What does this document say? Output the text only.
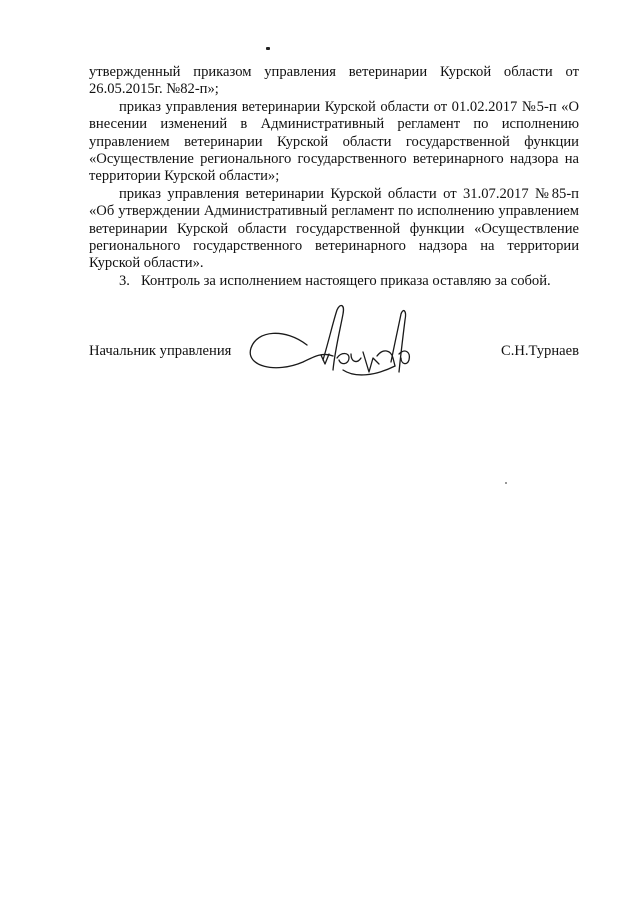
утвержденный приказом управления ветеринарии Курской области от 26.05.2015г. №82-п»;

приказ управления ветеринарии Курской области от 01.02.2017 №5-п «О внесении изменений в Административный регламент по исполнению управлением ветеринарии Курской области государственной функции «Осуществление регионального государственного ветеринарного надзора на территории Курской области»;

приказ управления ветеринарии Курской области от 31.07.2017 №85-п «Об утверждении Административный регламент по исполнению управлением ветеринарии Курской области государственной функции «Осуществление регионального государственного ветеринарного надзора на территории Курской области».

3. Контроль за исполнением настоящего приказа оставляю за собой.

Начальник управления	С.Н.Турнаев
